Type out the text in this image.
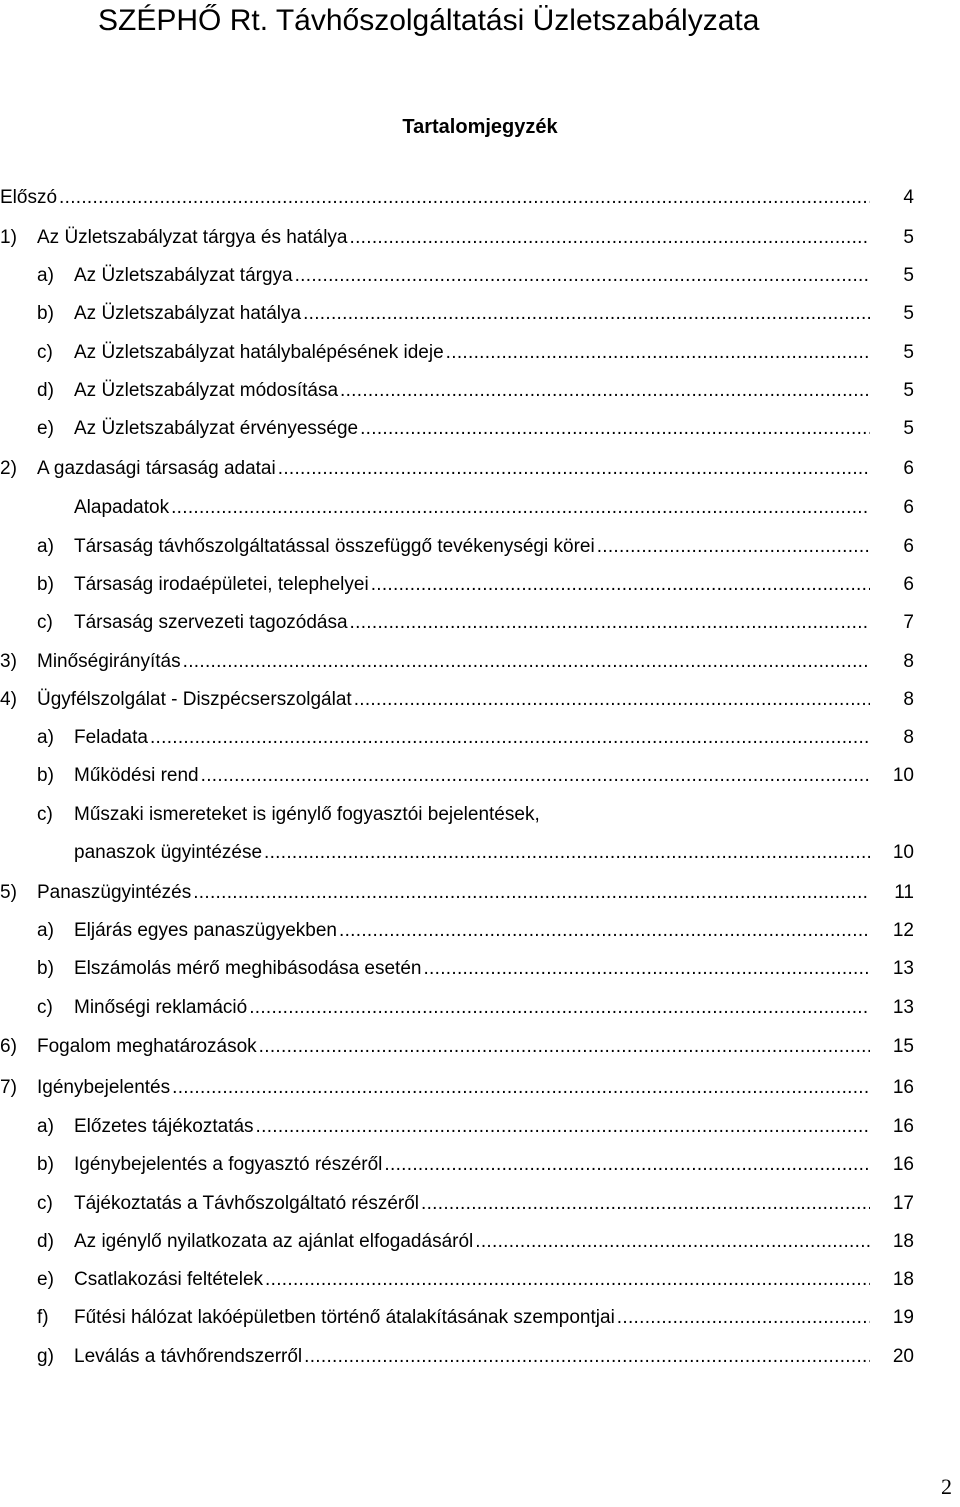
SZÉPHŐ Rt. Távhőszolgáltatási Üzletszabályzata
Tartalomjegyzék
Előszó .....	4
1)	Az Üzletszabályzat tárgya és hatálya .....	5
a)	Az Üzletszabályzat tárgya .....	5
b)	Az Üzletszabályzat hatálya .....	5
c)	Az Üzletszabályzat hatálybalépésének ideje .....	5
d)	Az Üzletszabályzat módosítása .....	5
e)	Az Üzletszabályzat érvényessége .....	5
2)	A gazdasági társaság adatai .....	6
Alapadatok .....	6
a)	Társaság távhőszolgáltatással összefüggő tevékenységi körei .....	6
b)	Társaság irodaépületei, telephelyei .....	6
c)	Társaság szervezeti tagozódása .....	7
3)	Minőségirányítás .....	8
4)	Ügyfélszolgálat - Diszpécserszolgálat .....	8
a)	Feladata .....	8
b)	Működési rend .....	10
c)	Műszaki ismereteket is igénylő fogyasztói bejelentések,
panaszok ügyintézése .....	10
5)	Panaszügyintézés .....	11
a)	Eljárás egyes panaszügyekben .....	12
b)	Elszámolás mérő meghibásodása esetén .....	13
c)	Minőségi reklamáció .....	13
6)	Fogalom meghatározások .....	15
7)	Igénybejelentés .....	16
a)	Előzetes tájékoztatás .....	16
b)	Igénybejelentés a fogyasztó részéről .....	16
c)	Tájékoztatás a Távhőszolgáltató részéről .....	17
d)	Az igénylő nyilatkozata az ajánlat elfogadásáról .....	18
e)	Csatlakozási feltételek .....	18
f)	Fűtési hálózat lakóépületben történő átalakításának szempontjai .....	19
g)	Leválás a távhőrendszerről .....	20
2
